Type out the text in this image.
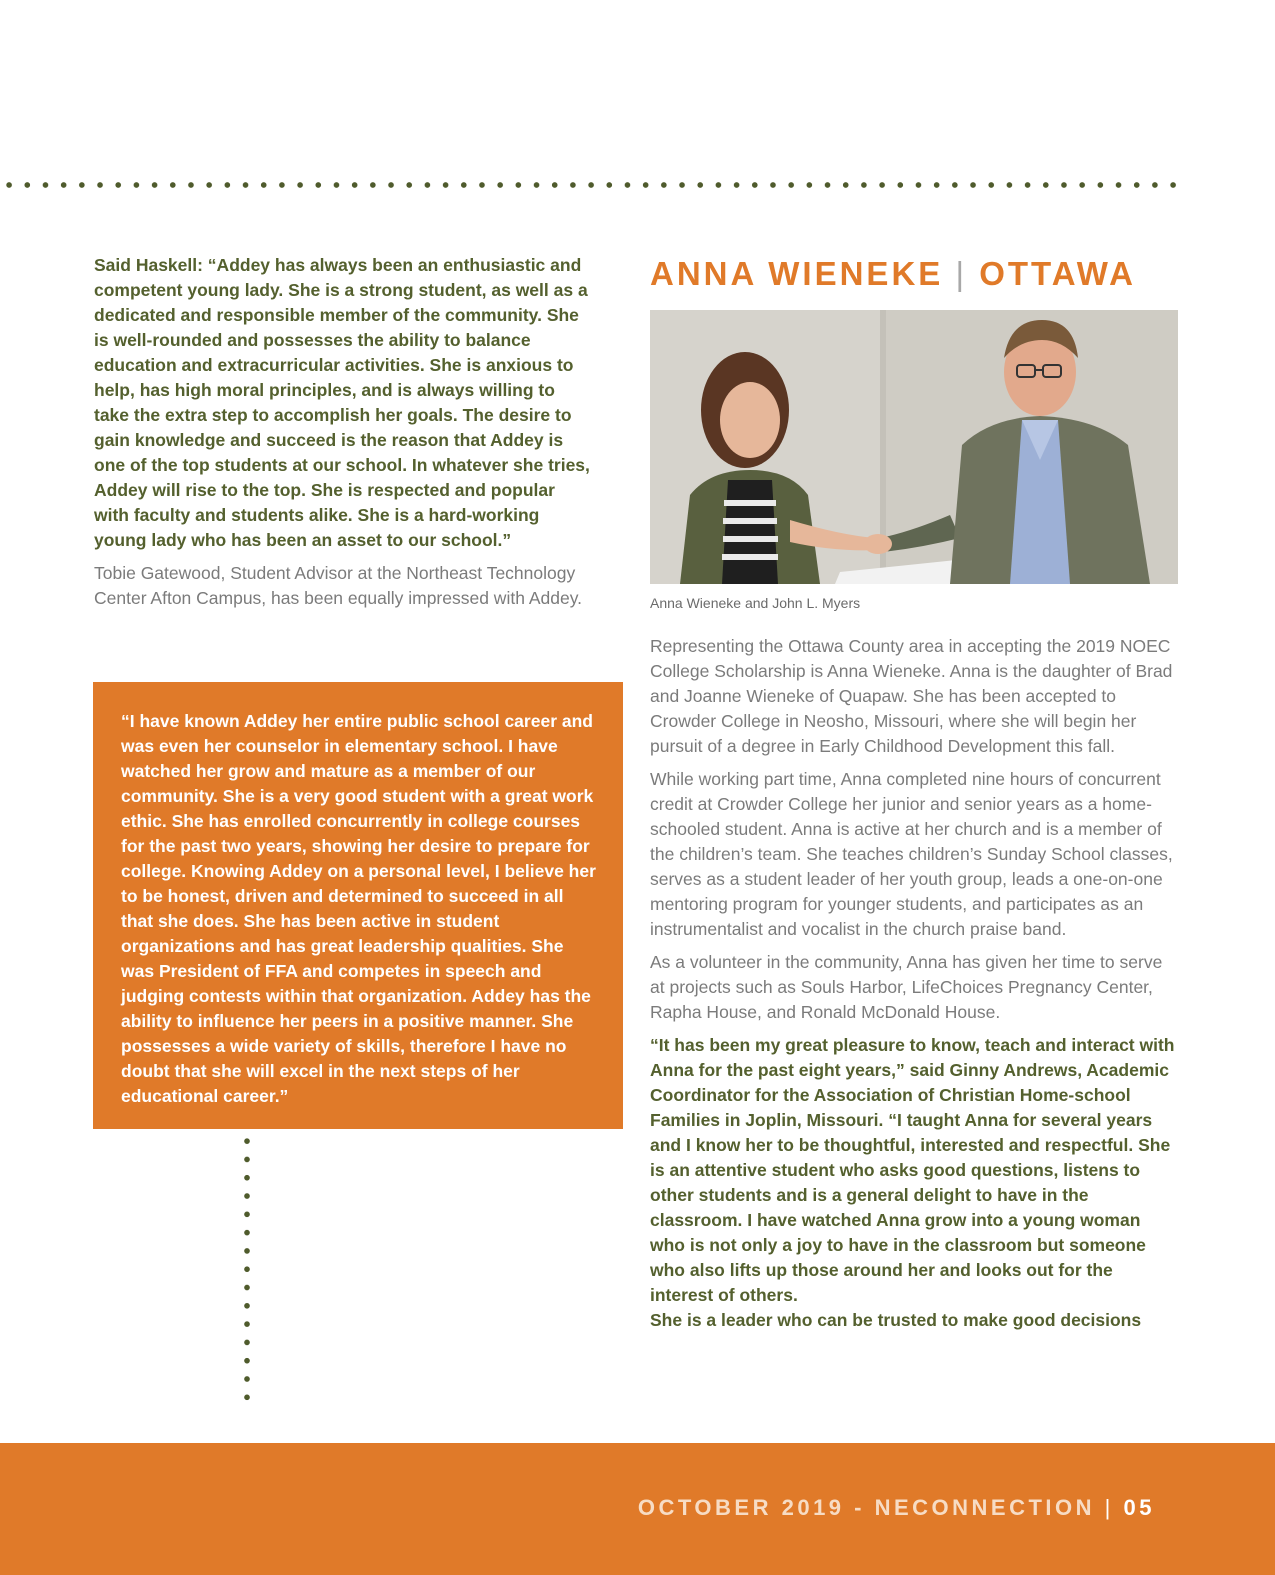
Said Haskell: “Addey has always been an enthusiastic and competent young lady. She is a strong student, as well as a dedicated and responsible member of the community. She is well-rounded and possesses the ability to balance education and extracurricular activities. She is anxious to help, has high moral principles, and is always willing to take the extra step to accomplish her goals. The desire to gain knowledge and succeed is the reason that Addey is one of the top students at our school. In whatever she tries, Addey will rise to the top. She is respected and popular with faculty and students alike. She is a hard-working young lady who has been an asset to our school.”

Tobie Gatewood, Student Advisor at the Northeast Technology Center Afton Campus, has been equally impressed with Addey.

“I have known Addey her entire public school career and was even her counselor in elementary school. I have watched her grow and mature as a member of our community. She is a very good student with a great work ethic. She has enrolled concurrently in college courses for the past two years, showing her desire to prepare for college. Knowing Addey on a personal level, I believe her to be honest, driven and determined to succeed in all that she does. She has been active in student organizations and has great leadership qualities. She was President of FFA and competes in speech and judging contests within that organization. Addey has the ability to influence her peers in a positive manner. She possesses a wide variety of skills, therefore I have no doubt that she will excel in the next steps of her educational career.”

ANNA WIENEKE | OTTAWA

Anna Wieneke and John L. Myers

Representing the Ottawa County area in accepting the 2019 NOEC College Scholarship is Anna Wieneke. Anna is the daughter of Brad and Joanne Wieneke of Quapaw. She has been accepted to Crowder College in Neosho, Missouri, where she will begin her pursuit of a degree in Early Childhood Development this fall.

While working part time, Anna completed nine hours of concurrent credit at Crowder College her junior and senior years as a home-schooled student. Anna is active at her church and is a member of the children’s team. She teaches children’s Sunday School classes, serves as a student leader of her youth group, leads a one-on-one mentoring program for younger students, and participates as an instrumentalist and vocalist in the church praise band.

As a volunteer in the community, Anna has given her time to serve at projects such as Souls Harbor, LifeChoices Pregnancy Center, Rapha House, and Ronald McDonald House.

“It has been my great pleasure to know, teach and interact with Anna for the past eight years,” said Ginny Andrews, Academic Coordinator for the Association of Christian Home-school Families in Joplin, Missouri. “I taught Anna for several years and I know her to be thoughtful, interested and respectful. She is an attentive student who asks good questions, listens to other students and is a general delight to have in the classroom. I have watched Anna grow into a young woman who is not only a joy to have in the classroom but someone who also lifts up those around her and looks out for the interest of others.

She is a leader who can be trusted to make good decisions

OCTOBER 2019 - NECONNECTION | 05
